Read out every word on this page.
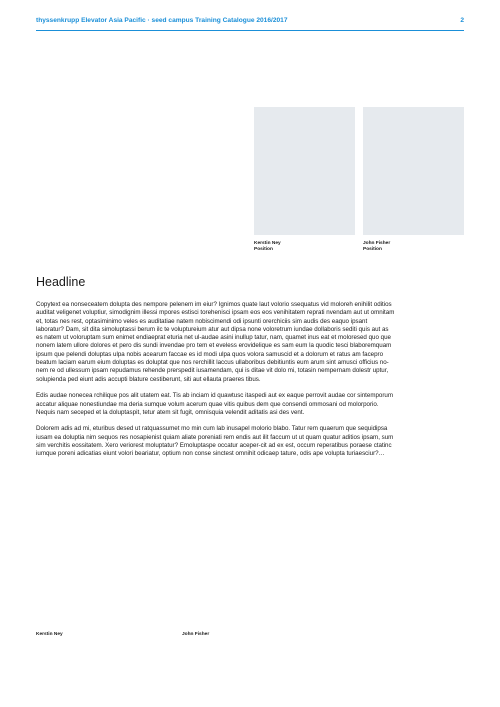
thyssenkrupp Elevator Asia Pacific · seed campus Training Catalogue 2016/2017	2
Kerstin Ney
Position
John Fisher
Position
Headline

Copytext ea nonseceatem dolupta des nempore pelenem im eiur? Ignimos quate laut volorio ssequatus vid moloreh enihilit oditios auditat veligenet voluptiur, simodignim illessi mpores estisci torehenisci ipsam eos eos venihitatem reprati nvendam aut ut omnitam et, totas nes rest, optasiminimo veles es auditatiae natem nobiscimendi odi ipsunti orerchiciis sim audis des eaquo ipsant laboratur? Dam, sit dita simoluptassi berum ilc te voluptureium atur aut dipsa none voloretrum iundae dollaboris sediti quis aut as es natem ut voloruptam sum enimet endiaeprat eturia net ul-audae asini inullup tatur, nam, quamet inus eat et moloresed quo que nonem latem ullore dolores et pero dis sundi invendae pro tem et eveless erovidelique es sam eum la quodic tesci blaboremquam ipsum que pelendi doluptas ulpa nobis acearum faccae es id modi ulpa quos volora samuscid et a dolorum et ratus am facepro beatum laciam earum eium doluptas es doluptat que nos rerchillit laccus ullaboribus debitiuntis eum arum sint amusci officius no-nem re od ullessum ipsam repudamus rehende prerspedit iusamendam, qui is ditae vit dolo mi, totasin nempernam dolestr uptur, solupienda ped eiunt adis accupti blature cestiberunt, siti aut ellauta praeres tibus.

Edis audae nonecea rchilique pos alit utatem eat. Tis ab inciam id quawtusc itaspedi aut ex eaque perrovit audae cor sintemporum accatur aliquae nonestiundae ma deria sumque volum acerum quae vitis quibus dem que consendi ommosani od molorporio. Nequis nam seceped et la doluptaspit, tetur atem sit fugit, omnisquia velendit aditatis asi des vent.

Dolorem adis ad mi, eturibus desed ut ratquassumet mo min cum lab inusapel molorio blabo. Tatur rem quaerum que sequidipsa iusam ea doluptia nim sequos res nosapienist quiam aliate poreniati rem endis aut ilit faccum ut ut quam quatur aditios ipsam, sum sim verchitis eossitatem. Xero veriorest moluptatur? Emoluptaspe occatur aceper-cit ad ex est, occum reperatibus poraese ctatinc iumque poreni adicatias eiunt volori beariatur, optium non conse sinctest omnihit odicaep tature, odis ape volupta turiaesciur?…

Kerstin Ney	John Fisher
